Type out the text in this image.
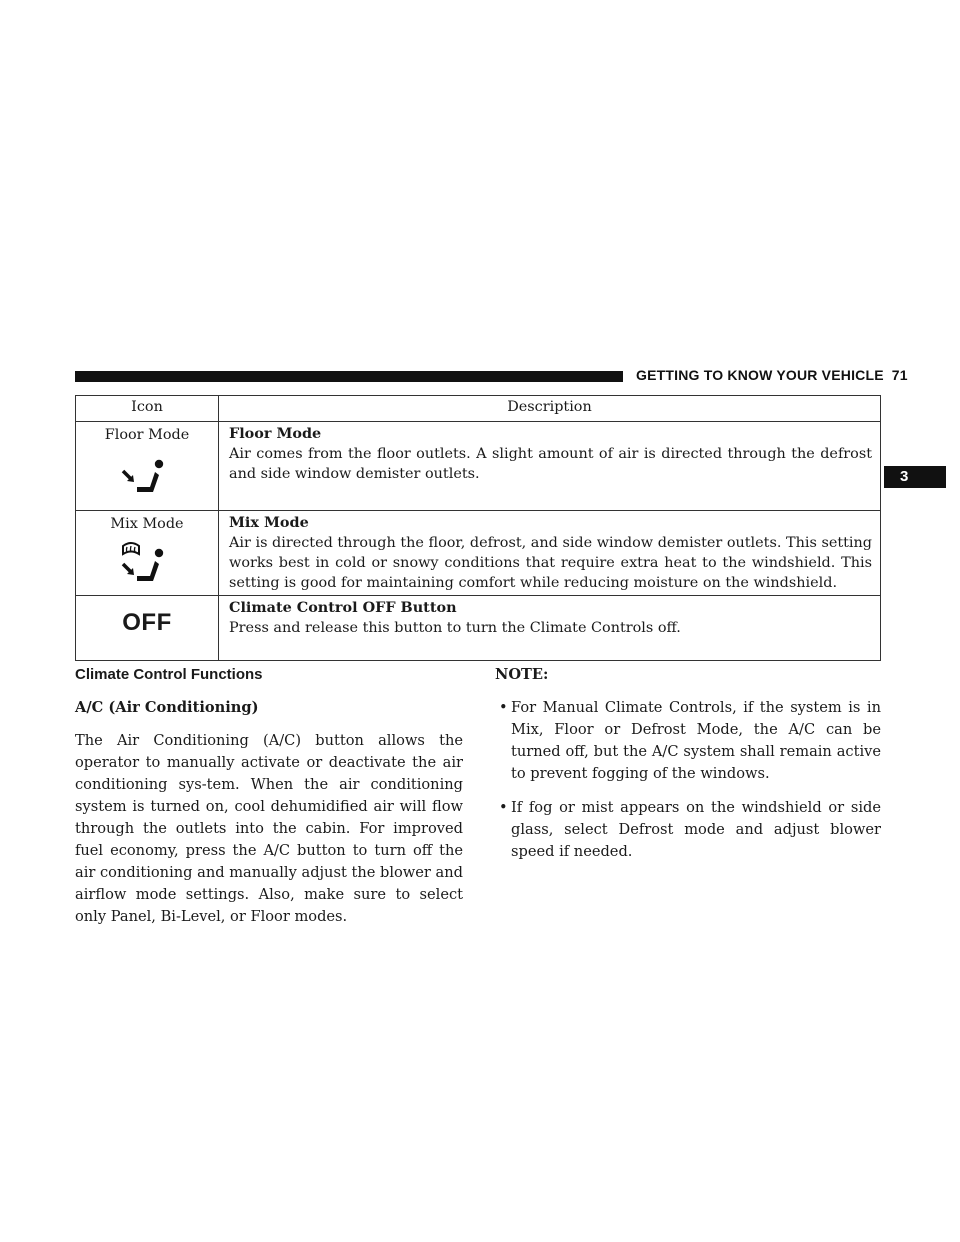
GETTING TO KNOW YOUR VEHICLE 71
3
Icon	Description

Floor Mode	Floor Mode
Air comes from the floor outlets. A slight amount of air is directed through the defrost and side window demister outlets.

Mix Mode	Mix Mode
Air is directed through the floor, defrost, and side window demister outlets. This setting works best in cold or snowy conditions that require extra heat to the windshield. This setting is good for maintaining comfort while reducing moisture on the windshield.

OFF	Climate Control OFF Button
Press and release this button to turn the Climate Controls off.
Climate Control Functions
A/C (Air Conditioning)

The Air Conditioning (A/C) button allows the operator to manually activate or deactivate the air conditioning sys-tem. When the air conditioning system is turned on, cool dehumidified air will flow through the outlets into the cabin. For improved fuel economy, press the A/C button to turn off the air conditioning and manually adjust the blower and airflow mode settings. Also, make sure to select only Panel, Bi-Level, or Floor modes.

NOTE:
• For Manual Climate Controls, if the system is in Mix, Floor or Defrost Mode, the A/C can be turned off, but the A/C system shall remain active to prevent fogging of the windows.
• If fog or mist appears on the windshield or side glass, select Defrost mode and adjust blower speed if needed.
